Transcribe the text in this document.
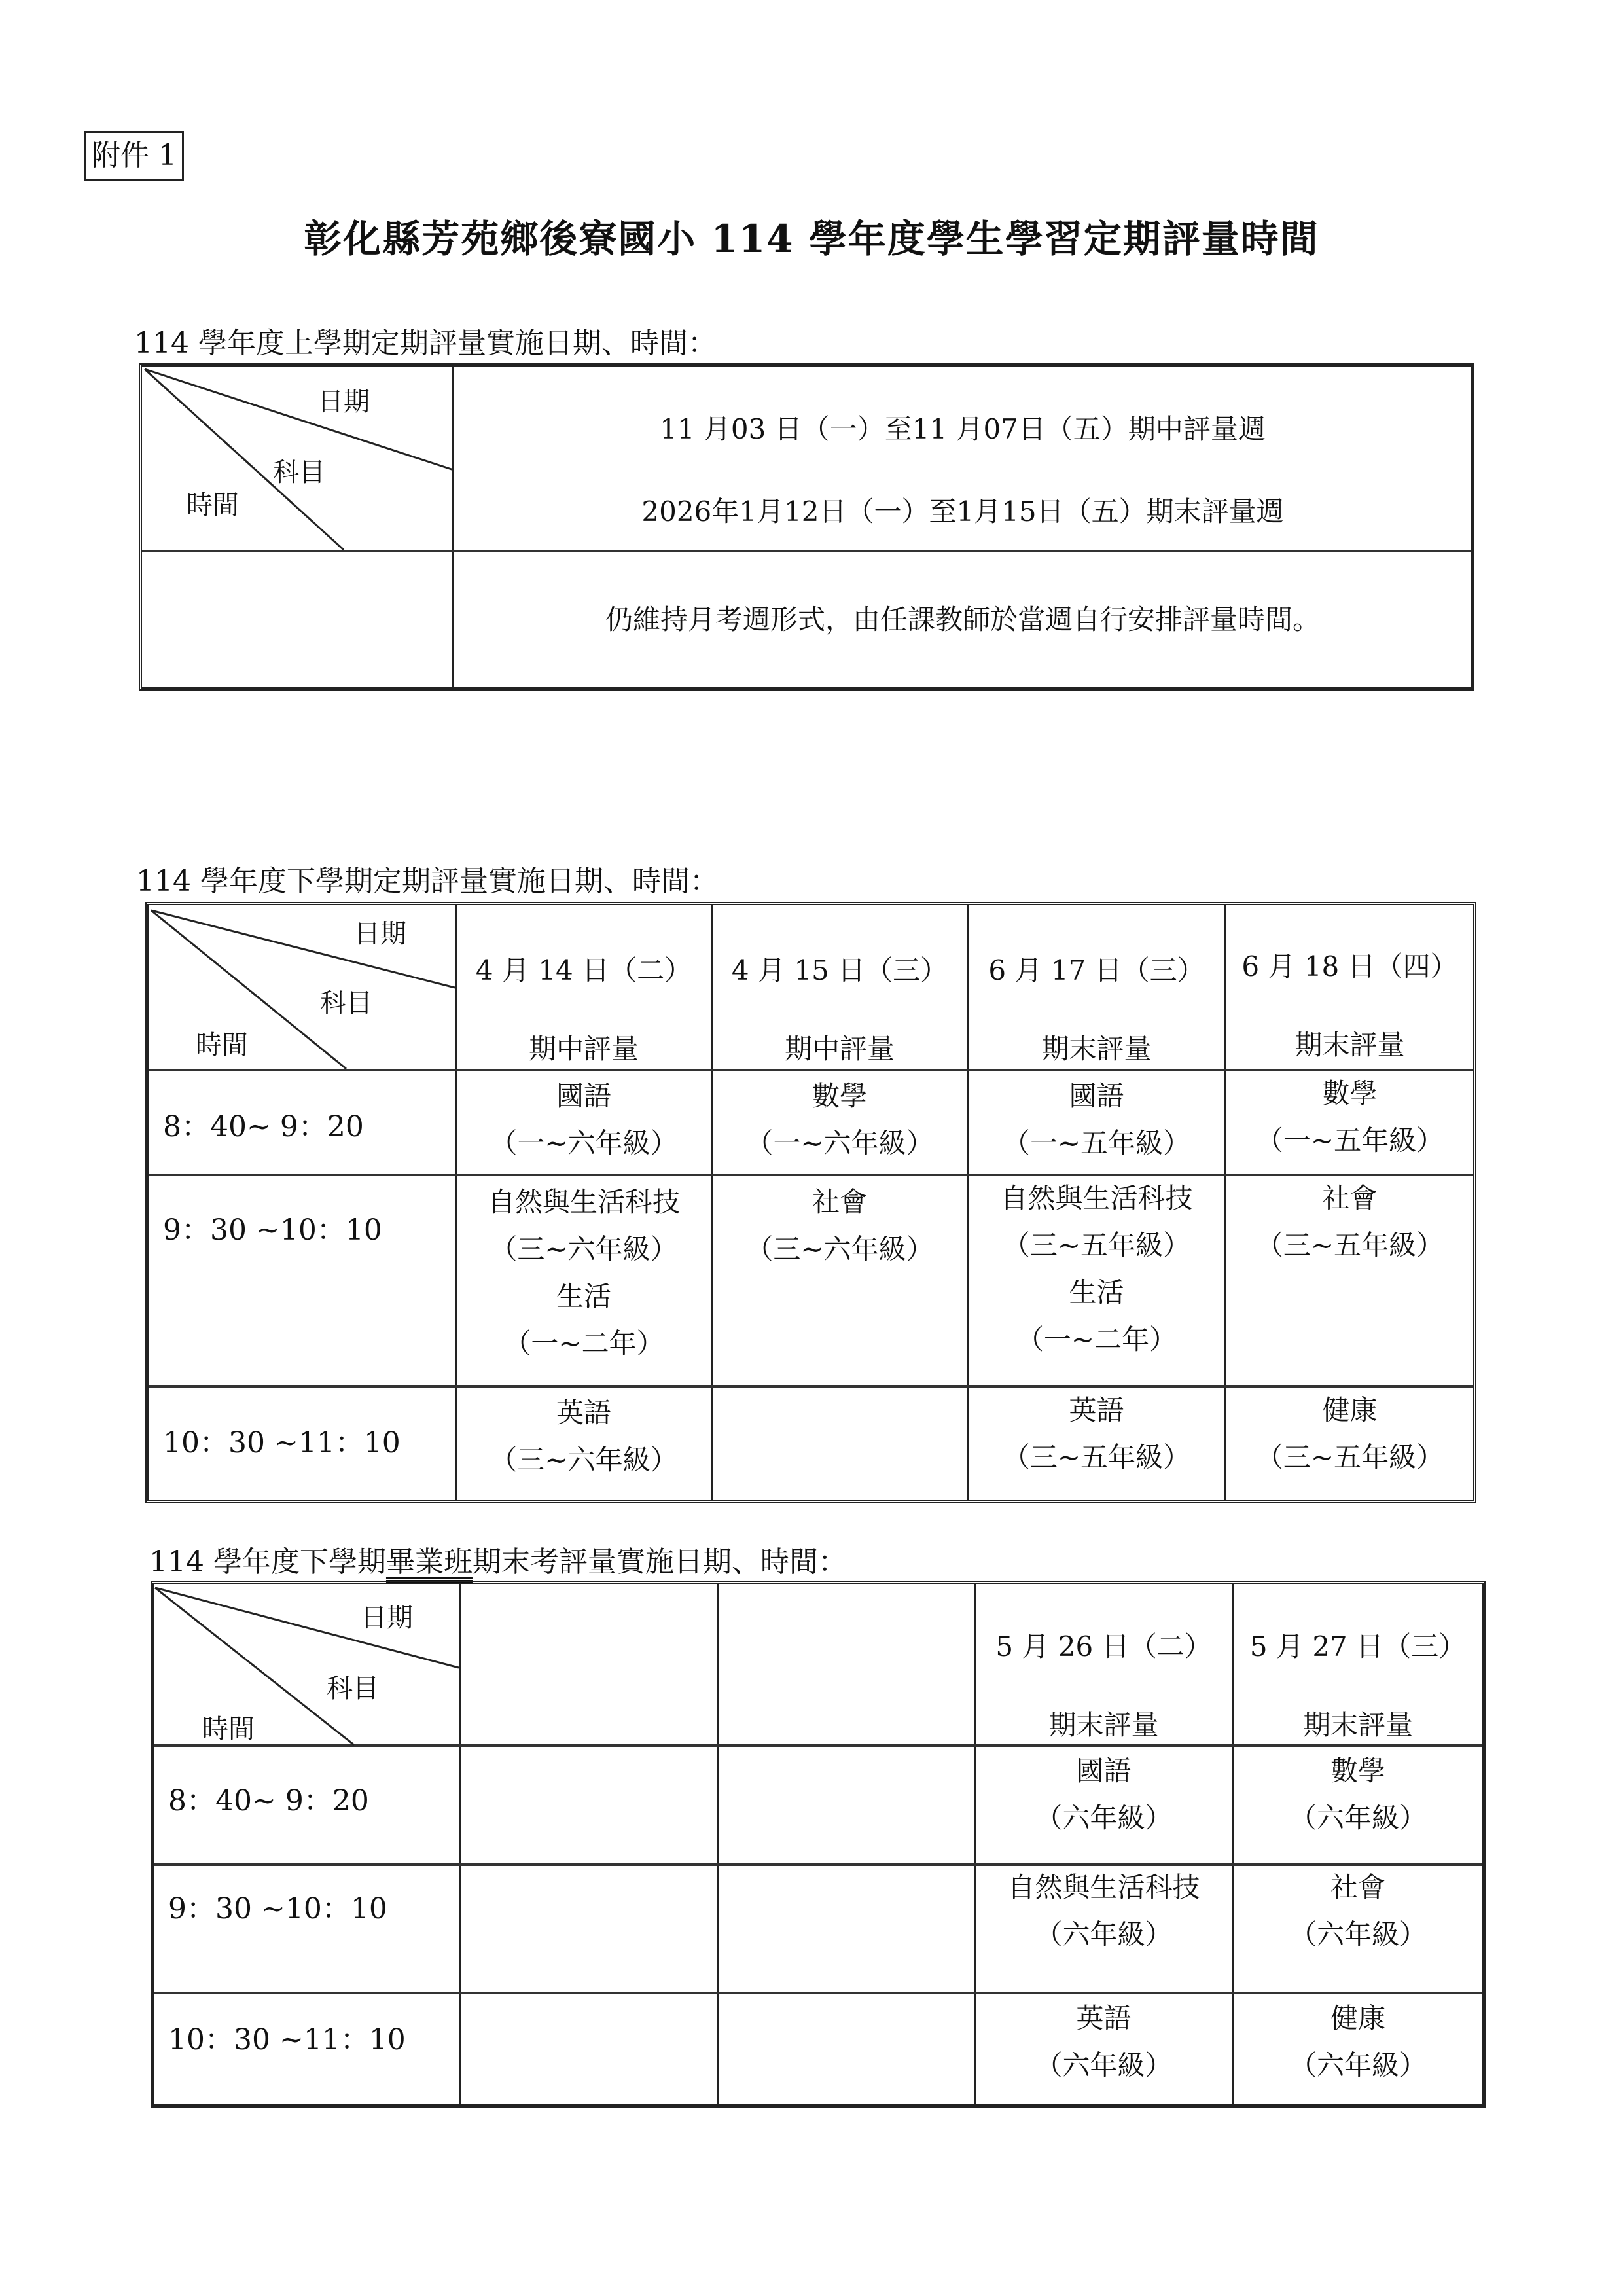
附件 1
彰化縣芳苑鄉後寮國小 114 學年度學生學習定期評量時間
114 學年度上學期定期評量實施日期、時間：
日期
科目
時間
11 月03 日（一）至11 月07日（五）期中評量週
2026年1月12日（一）至1月15日（五）期末評量週
仍維持月考週形式，由任課教師於當週自行安排評量時間。
114 學年度下學期定期評量實施日期、時間：
日期
科目
時間
4 月 14 日（二）
期中評量
4 月 15 日（三）
期中評量
6 月 17 日（三）
期末評量
6 月 18 日（四）
期末評量
8：40~ 9：20
國語
（一~六年級）
數學
（一~六年級）
國語
（一~五年級）
數學
（一~五年級）
9：30 ~10：10
自然與生活科技
（三~六年級）
生活
（一~二年）
社會
（三~六年級）
自然與生活科技
（三~五年級）
生活
（一~二年）
社會
（三~五年級）
10：30 ~11：10
英語
（三~六年級）
英語
（三~五年級）
健康
（三~五年級）
114 學年度下學期畢業班期末考評量實施日期、時間：
日期
科目
時間
5 月 26 日（二）
期末評量
5 月 27 日（三）
期末評量
8：40~ 9：20
國語
（六年級）
數學
（六年級）
9：30 ~10：10
自然與生活科技
（六年級）
社會
（六年級）
10：30 ~11：10
英語
（六年級）
健康
（六年級）
